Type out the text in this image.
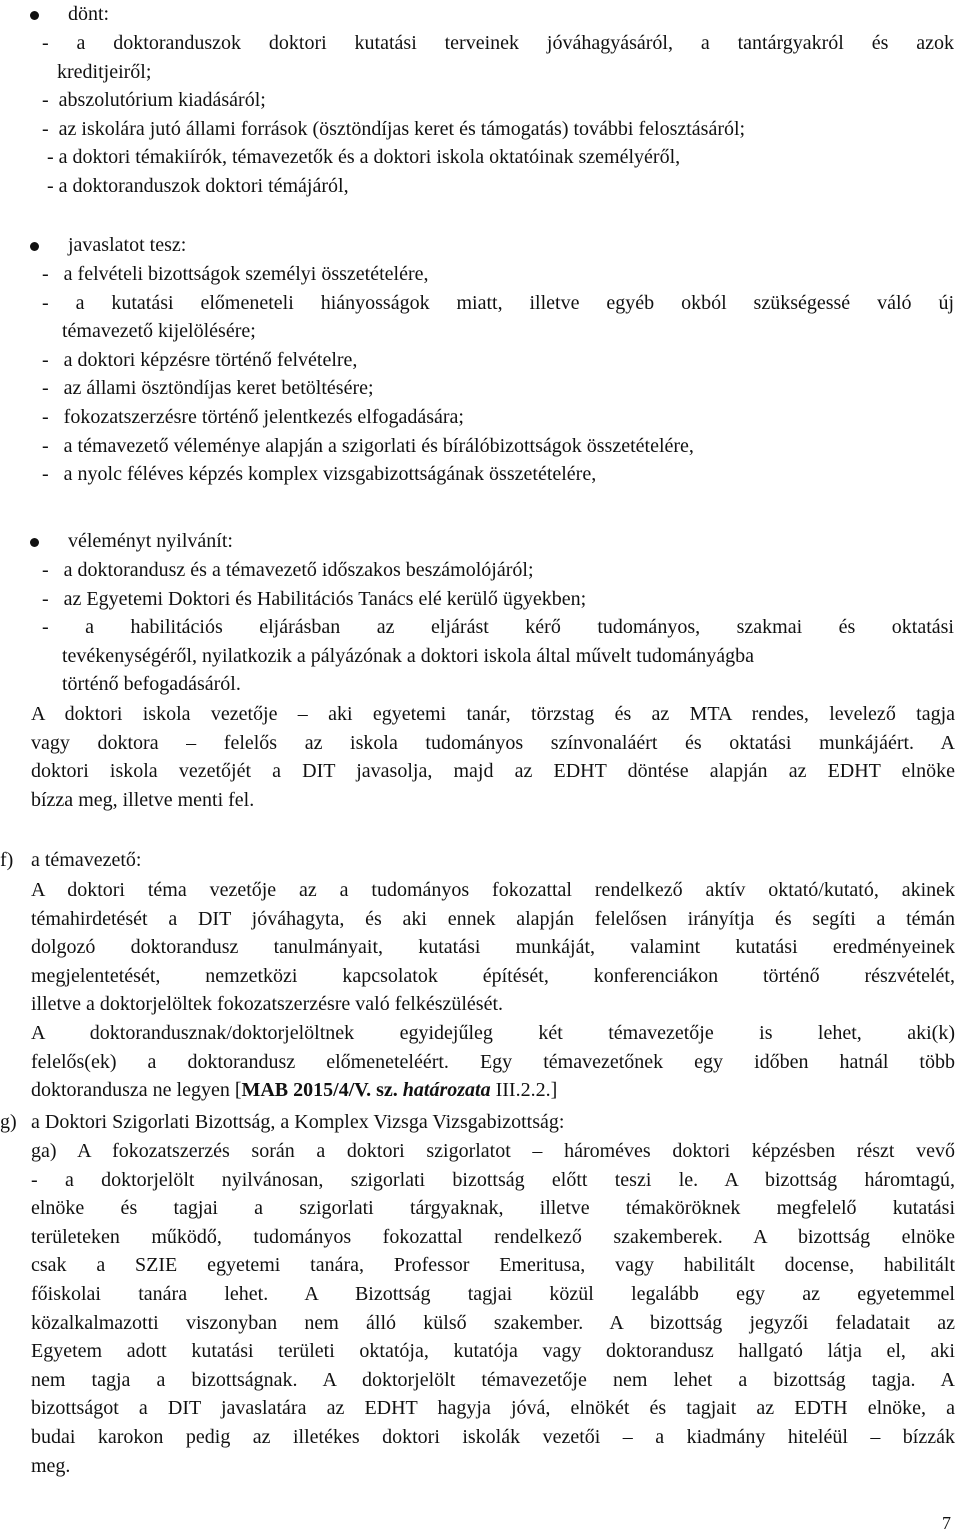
dönt:
- a doktoranduszok doktori kutatási terveinek jóváhagyásáról, a tantárgyakról és azok
kreditjeiről;
-  abszolutórium kiadásáról;
-  az iskolára jutó állami források (ösztöndíjas keret és támogatás) további felosztásáról;
- a doktori témakiírók, témavezetők és a doktori iskola oktatóinak személyéről,
- a doktoranduszok doktori témájáról,
javaslatot tesz:
-   a felvételi bizottságok személyi összetételére,
- a kutatási előmeneteli hiányosságok miatt, illetve egyéb okból szükségessé váló új
témavezető kijelölésére;
-   a doktori képzésre történő felvételre,
-   az állami ösztöndíjas keret betöltésére;
-   fokozatszerzésre történő jelentkezés elfogadására;
-   a témavezető véleménye alapján a szigorlati és bírálóbizottságok összetételére,
-   a nyolc féléves képzés komplex vizsgabizottságának összetételére,
véleményt nyilvánít:
-   a doktorandusz és a témavezető időszakos beszámolójáról;
-   az Egyetemi Doktori és Habilitációs Tanács elé kerülő ügyekben;
- a habilitációs eljárásban az eljárást kérő tudományos, szakmai és oktatási
tevékenységéről, nyilatkozik a pályázónak a doktori iskola által művelt tudományágba
történő befogadásáról.
A doktori iskola vezetője – aki egyetemi tanár, törzstag és az MTA rendes, levelező tagja
vagy doktora – felelős az iskola tudományos színvonaláért és oktatási munkájáért. A
doktori iskola vezetőjét a DIT javasolja, majd az EDHT döntése alapján az EDHT elnöke
bízza meg, illetve menti fel.
f) a témavezető:
A doktori téma vezetője az a tudományos fokozattal rendelkező aktív oktató/kutató, akinek
témahirdetését a DIT jóváhagyta, és aki ennek alapján felelősen irányítja és segíti a témán
dolgozó doktorandusz tanulmányait, kutatási munkáját, valamint kutatási eredményeinek
megjelentetését, nemzetközi kapcsolatok építését, konferenciákon történő részvételét,
illetve a doktorjelöltek fokozatszerzésre való felkészülését.
A doktorandusznak/doktorjelöltnek egyidejűleg két témavezetője is lehet, aki(k)
felelős(ek) a doktorandusz előmeneteléért. Egy témavezetőnek egy időben hatnál több
doktorandusza ne legyen [MAB 2015/4/V. sz. határozata III.2.2.]
g) a Doktori Szigorlati Bizottság, a Komplex Vizsga Vizsgabizottság:
ga) A fokozatszerzés során a doktori szigorlatot – hároméves doktori képzésben részt vevő
- a doktorjelölt nyilvánosan, szigorlati bizottság előtt teszi le. A bizottság háromtagú,
elnöke és tagjai a szigorlati tárgyaknak, illetve témaköröknek megfelelő kutatási
területeken működő, tudományos fokozattal rendelkező szakemberek. A bizottság elnöke
csak a SZIE egyetemi tanára, Professor Emeritusa, vagy habilitált docense, habilitált
főiskolai tanára lehet. A Bizottság tagjai közül legalább egy az egyetemmel
közalkalmazotti viszonyban nem álló külső szakember. A bizottság jegyzői feladatait az
Egyetem adott kutatási területi oktatója, kutatója vagy doktorandusz hallgató látja el, aki
nem tagja a bizottságnak. A doktorjelölt témavezetője nem lehet a bizottság tagja. A
bizottságot a DIT javaslatára az EDHT hagyja jóvá, elnökét és tagjait az EDTH elnöke, a
budai karokon pedig az illetékes doktori iskolák vezetői – a kiadmány hiteléül – bízzák
meg.
7
